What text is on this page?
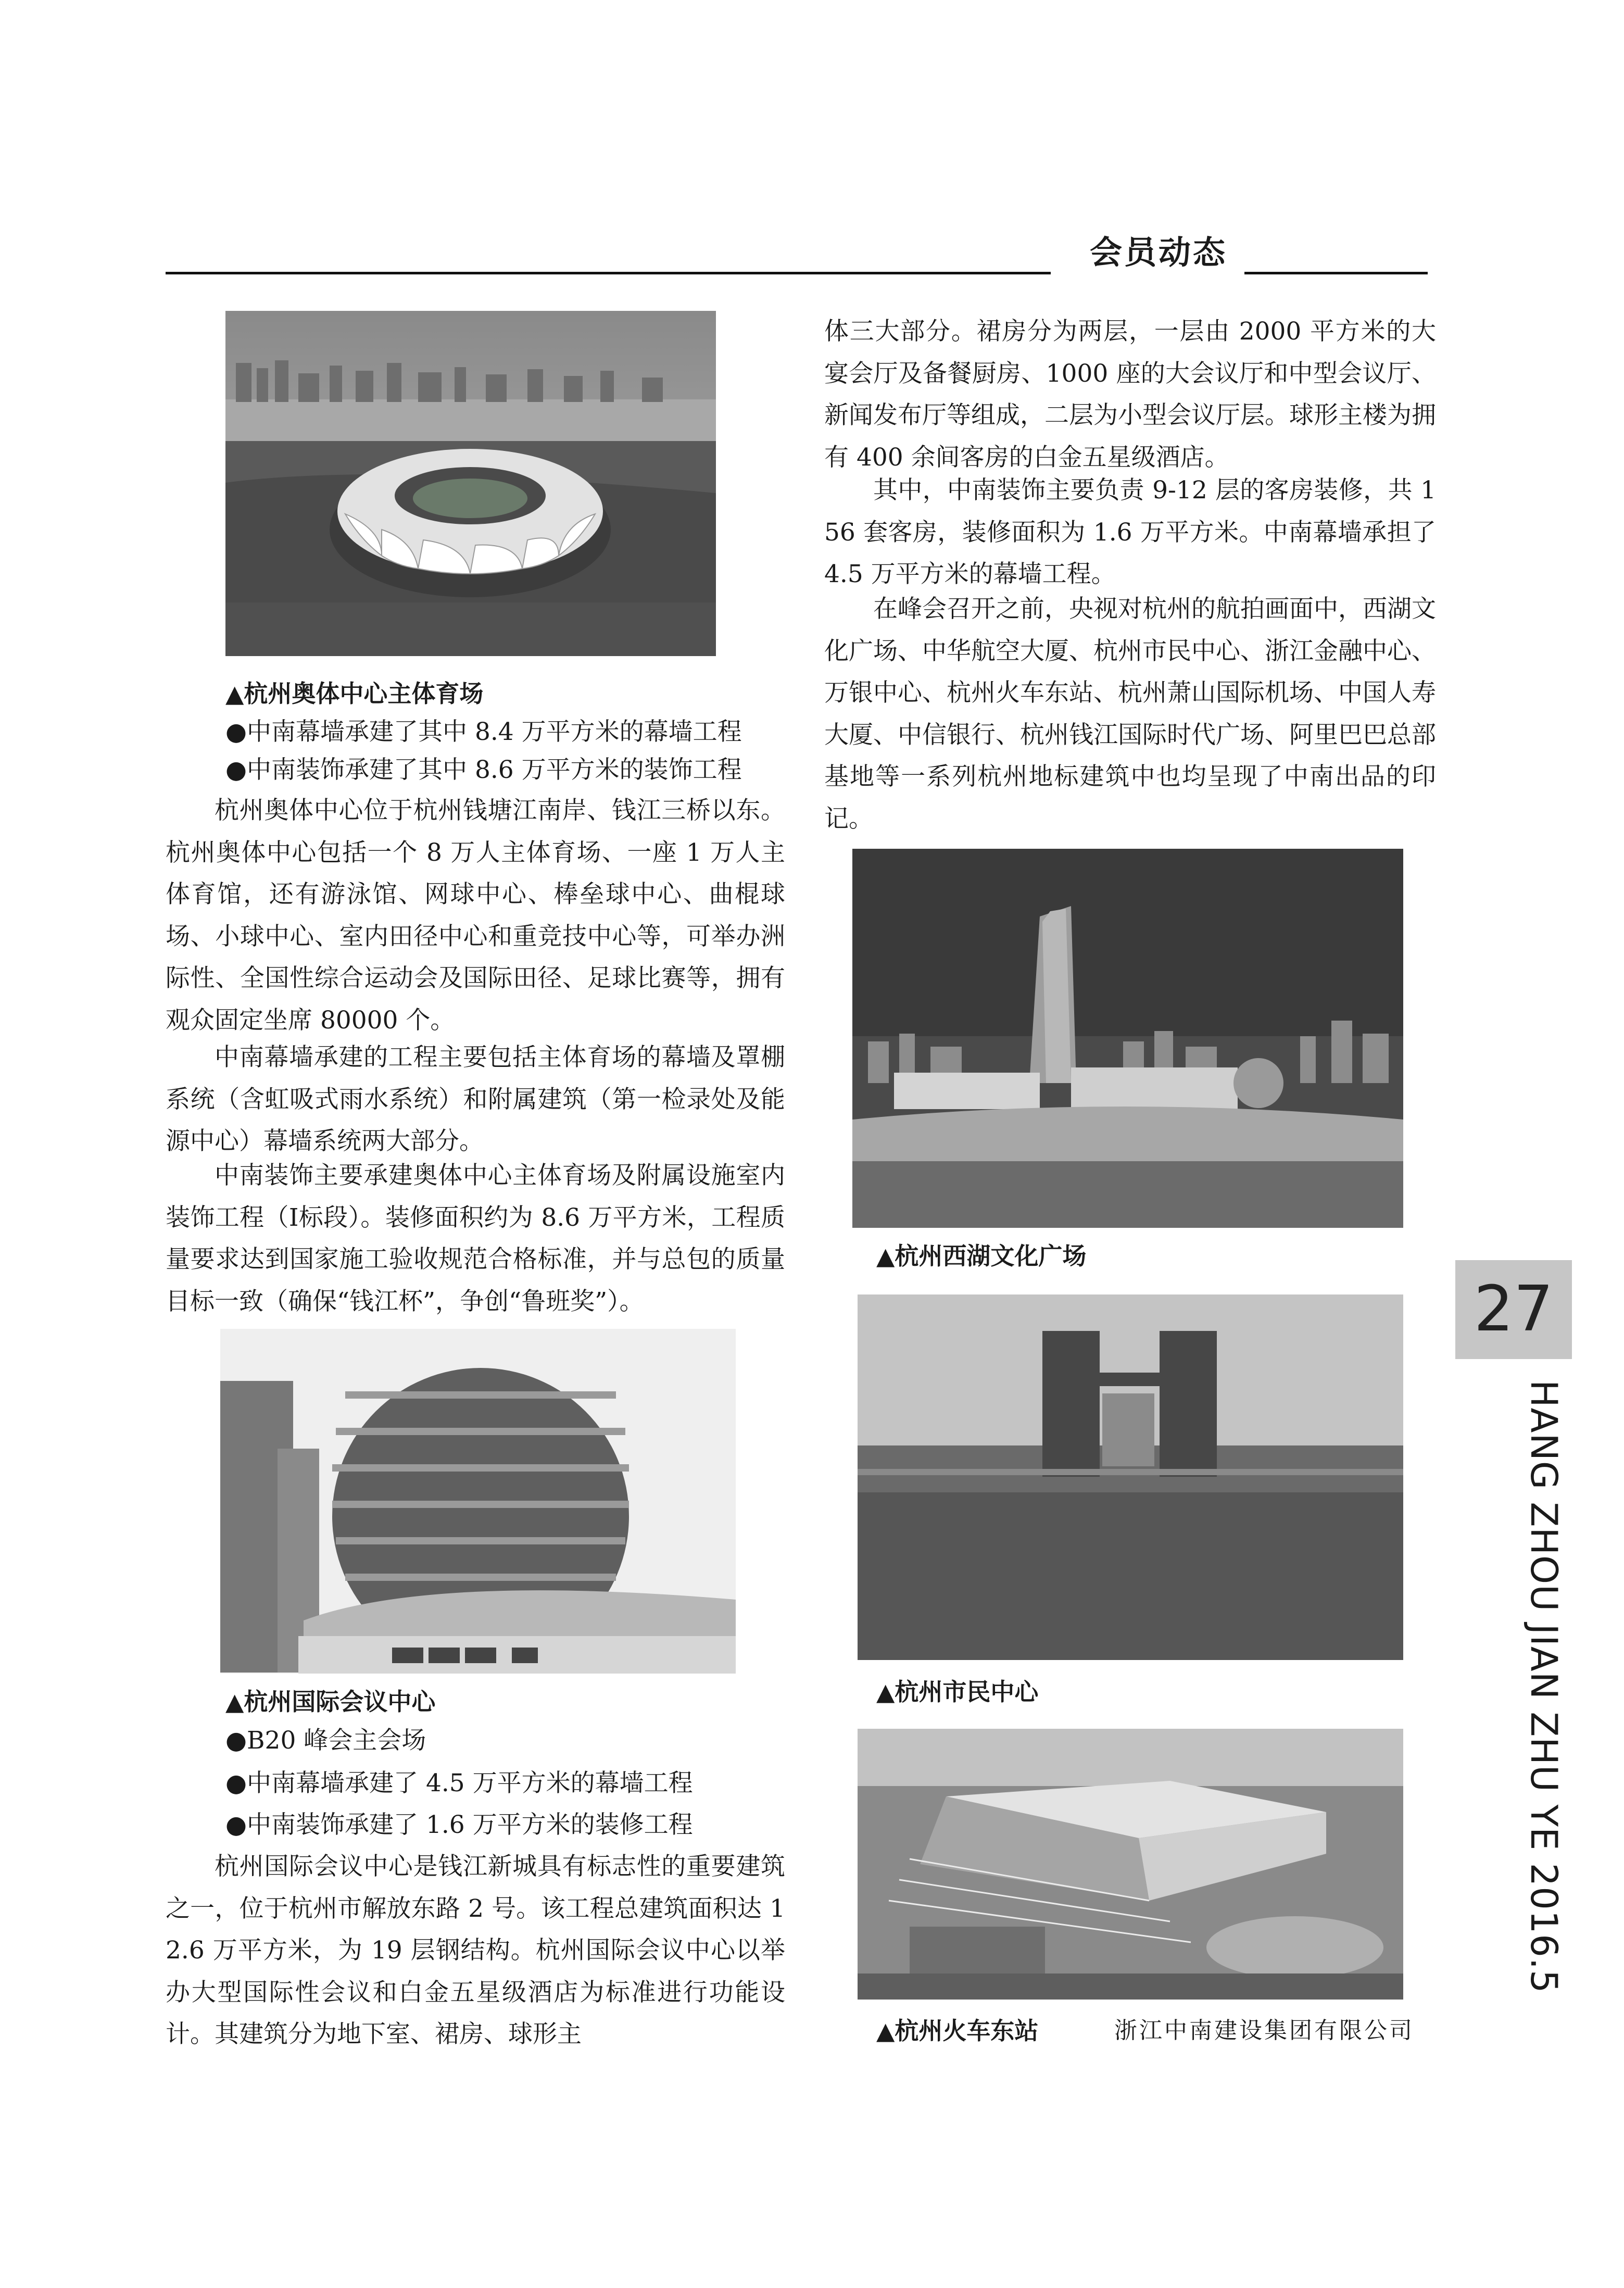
会员动态
▲杭州奥体中心主体育场
●中南幕墙承建了其中 8.4 万平方米的幕墙工程
●中南装饰承建了其中 8.6 万平方米的装饰工程
杭州奥体中心位于杭州钱塘江南岸、钱江三桥以东。杭州奥体中心包括一个 8 万人主体育场、一座 1 万人主体育馆，还有游泳馆、网球中心、棒垒球中心、曲棍球场、小球中心、室内田径中心和重竞技中心等，可举办洲际性、全国性综合运动会及国际田径、足球比赛等，拥有观众固定坐席 80000 个。
中南幕墙承建的工程主要包括主体育场的幕墙及罩棚系统（含虹吸式雨水系统）和附属建筑（第一检录处及能源中心）幕墙系统两大部分。
中南装饰主要承建奥体中心主体育场及附属设施室内装饰工程（Ⅰ标段）。装修面积约为 8.6 万平方米，工程质量要求达到国家施工验收规范合格标准，并与总包的质量目标一致（确保“钱江杯”，争创“鲁班奖”）。
▲杭州国际会议中心
●B20 峰会主会场
●中南幕墙承建了 4.5 万平方米的幕墙工程
●中南装饰承建了 1.6 万平方米的装修工程
杭州国际会议中心是钱江新城具有标志性的重要建筑之一，位于杭州市解放东路 2 号。该工程总建筑面积达 12.6 万平方米，为 19 层钢结构。杭州国际会议中心以举办大型国际性会议和白金五星级酒店为标准进行功能设计。其建筑分为地下室、裙房、球形主
体三大部分。裙房分为两层，一层由 2000 平方米的大宴会厅及备餐厨房、1000 座的大会议厅和中型会议厅、新闻发布厅等组成，二层为小型会议厅层。球形主楼为拥有 400 余间客房的白金五星级酒店。
其中，中南装饰主要负责 9-12 层的客房装修，共 156 套客房，装修面积为 1.6 万平方米。中南幕墙承担了 4.5 万平方米的幕墙工程。
在峰会召开之前，央视对杭州的航拍画面中，西湖文化广场、中华航空大厦、杭州市民中心、浙江金融中心、万银中心、杭州火车东站、杭州萧山国际机场、中国人寿大厦、中信银行、杭州钱江国际时代广场、阿里巴巴总部基地等一系列杭州地标建筑中也均呈现了中南出品的印记。
▲杭州西湖文化广场
▲杭州市民中心
▲杭州火车东站	浙江中南建设集团有限公司
27
HANG ZHOU JIAN ZHU YE 2016.5
